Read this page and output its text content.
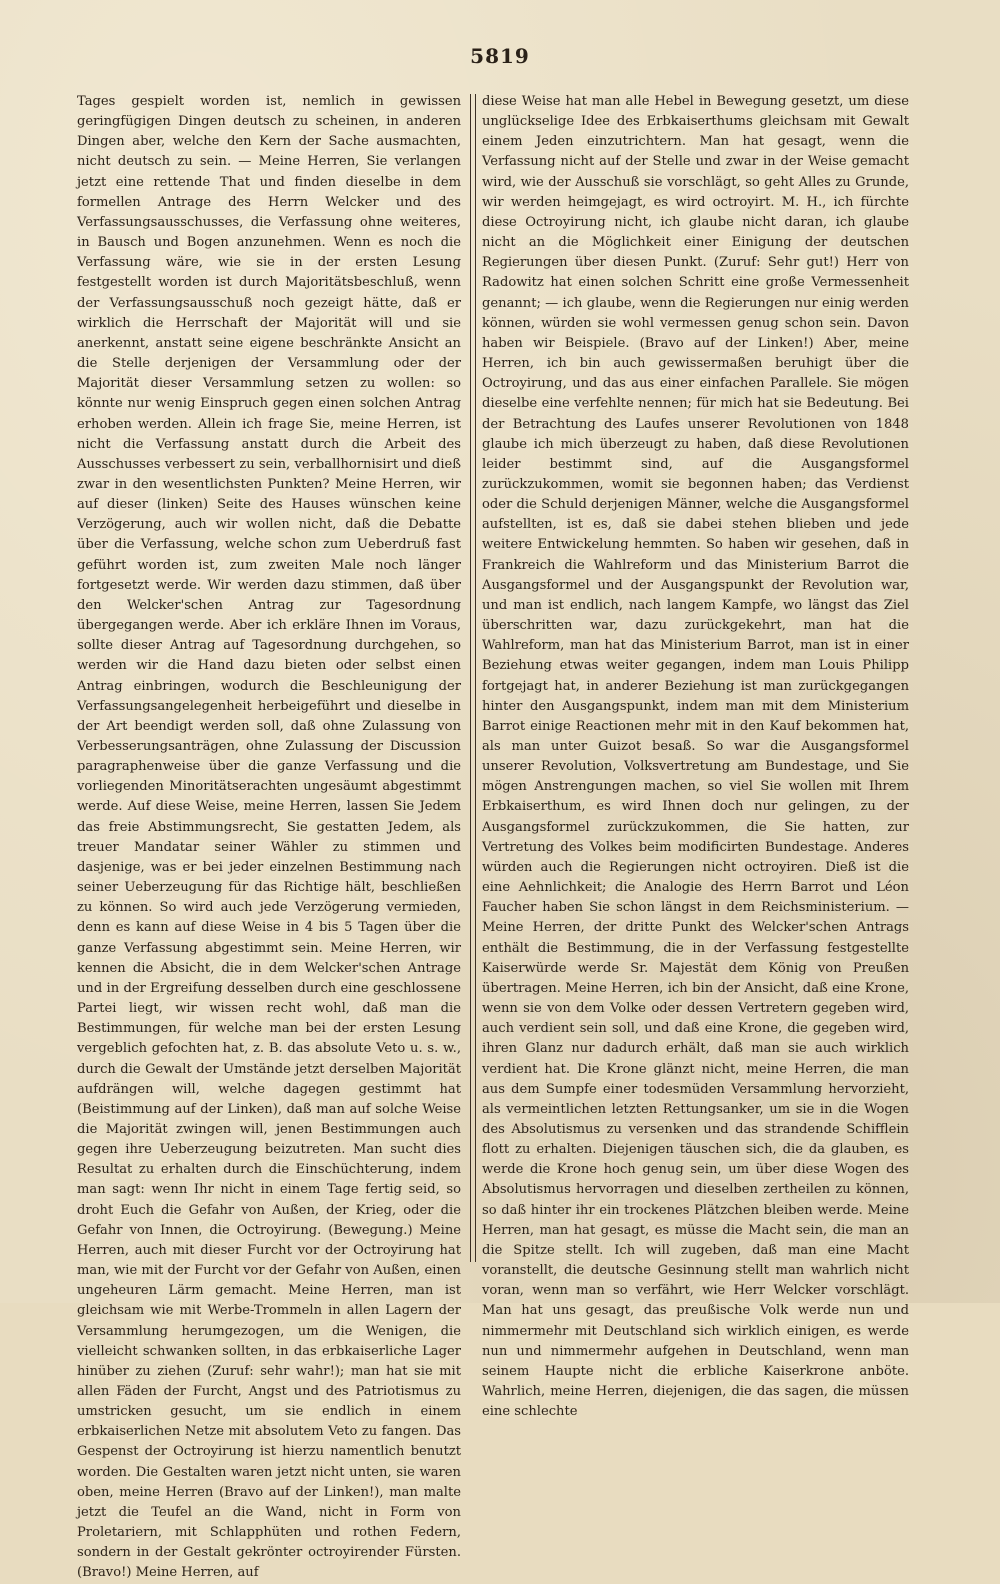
5819
Tages gespielt worden ist, nemlich in gewissen geringfügigen Dingen deutsch zu scheinen, in anderen Dingen aber, welche den Kern der Sache ausmachten, nicht deutsch zu sein. — Meine Herren, Sie verlangen jetzt eine rettende That und finden dieselbe in dem formellen Antrage des Herrn Welcker und des Verfassungsausschusses, die Verfassung ohne weiteres, in Bausch und Bogen anzunehmen. Wenn es noch die Verfassung wäre, wie sie in der ersten Lesung festgestellt worden ist durch Majoritätsbeschluß, wenn der Verfassungsausschuß noch gezeigt hätte, daß er wirklich die Herrschaft der Majorität will und sie anerkennt, anstatt seine eigene beschränkte Ansicht an die Stelle derjenigen der Versammlung oder der Majorität dieser Versammlung setzen zu wollen: so könnte nur wenig Einspruch gegen einen solchen Antrag erhoben werden. Allein ich frage Sie, meine Herren, ist nicht die Verfassung anstatt durch die Arbeit des Ausschusses verbessert zu sein, verballhornisirt und dieß zwar in den wesentlichsten Punkten? Meine Herren, wir auf dieser (linken) Seite des Hauses wünschen keine Verzögerung, auch wir wollen nicht, daß die Debatte über die Verfassung, welche schon zum Ueberdruß fast geführt worden ist, zum zweiten Male noch länger fortgesetzt werde. Wir werden dazu stimmen, daß über den Welcker'schen Antrag zur Tagesordnung übergegangen werde. Aber ich erkläre Ihnen im Voraus, sollte dieser Antrag auf Tagesordnung durchgehen, so werden wir die Hand dazu bieten oder selbst einen Antrag einbringen, wodurch die Beschleunigung der Verfassungsangelegenheit herbeigeführt und dieselbe in der Art beendigt werden soll, daß ohne Zulassung von Verbesserungsanträgen, ohne Zulassung der Discussion paragraphenweise über die ganze Verfassung und die vorliegenden Minoritätserachten ungesäumt abgestimmt werde. Auf diese Weise, meine Herren, lassen Sie Jedem das freie Abstimmungsrecht, Sie gestatten Jedem, als treuer Mandatar seiner Wähler zu stimmen und dasjenige, was er bei jeder einzelnen Bestimmung nach seiner Ueberzeugung für das Richtige hält, beschließen zu können. So wird auch jede Verzögerung vermieden, denn es kann auf diese Weise in 4 bis 5 Tagen über die ganze Verfassung abgestimmt sein. Meine Herren, wir kennen die Absicht, die in dem Welcker'schen Antrage und in der Ergreifung desselben durch eine geschlossene Partei liegt, wir wissen recht wohl, daß man die Bestimmungen, für welche man bei der ersten Lesung vergeblich gefochten hat, z. B. das absolute Veto u. s. w., durch die Gewalt der Umstände jetzt derselben Majorität aufdrängen will, welche dagegen gestimmt hat (Beistimmung auf der Linken), daß man auf solche Weise die Majorität zwingen will, jenen Bestimmungen auch gegen ihre Ueberzeugung beizutreten. Man sucht dies Resultat zu erhalten durch die Einschüchterung, indem man sagt: wenn Ihr nicht in einem Tage fertig seid, so droht Euch die Gefahr von Außen, der Krieg, oder die Gefahr von Innen, die Octroyirung. (Bewegung.) Meine Herren, auch mit dieser Furcht vor der Octroyirung hat man, wie mit der Furcht vor der Gefahr von Außen, einen ungeheuren Lärm gemacht. Meine Herren, man ist gleichsam wie mit Werbe-Trommeln in allen Lagern der Versammlung herumgezogen, um die Wenigen, die vielleicht schwanken sollten, in das erbkaiserliche Lager hinüber zu ziehen (Zuruf: sehr wahr!); man hat sie mit allen Fäden der Furcht, Angst und des Patriotismus zu umstricken gesucht, um sie endlich in einem erbkaiserlichen Netze mit absolutem Veto zu fangen. Das Gespenst der Octroyirung ist hierzu namentlich benutzt worden. Die Gestalten waren jetzt nicht unten, sie waren oben, meine Herren (Bravo auf der Linken!), man malte jetzt die Teufel an die Wand, nicht in Form von Proletariern, mit Schlapphüten und rothen Federn, sondern in der Gestalt gekrönter octroyirender Fürsten. (Bravo!) Meine Herren, auf
diese Weise hat man alle Hebel in Bewegung gesetzt, um diese unglückselige Idee des Erbkaiserthums gleichsam mit Gewalt einem Jeden einzutrichtern. Man hat gesagt, wenn die Verfassung nicht auf der Stelle und zwar in der Weise gemacht wird, wie der Ausschuß sie vorschlägt, so geht Alles zu Grunde, wir werden heimgejagt, es wird octroyirt. M. H., ich fürchte diese Octroyirung nicht, ich glaube nicht daran, ich glaube nicht an die Möglichkeit einer Einigung der deutschen Regierungen über diesen Punkt. (Zuruf: Sehr gut!) Herr von Radowitz hat einen solchen Schritt eine große Vermessenheit genannt; — ich glaube, wenn die Regierungen nur einig werden können, würden sie wohl vermessen genug schon sein. Davon haben wir Beispiele. (Bravo auf der Linken!) Aber, meine Herren, ich bin auch gewissermaßen beruhigt über die Octroyirung, und das aus einer einfachen Parallele. Sie mögen dieselbe eine verfehlte nennen; für mich hat sie Bedeutung. Bei der Betrachtung des Laufes unserer Revolutionen von 1848 glaube ich mich überzeugt zu haben, daß diese Revolutionen leider bestimmt sind, auf die Ausgangsformel zurückzukommen, womit sie begonnen haben; das Verdienst oder die Schuld derjenigen Männer, welche die Ausgangsformel aufstellten, ist es, daß sie dabei stehen blieben und jede weitere Entwickelung hemmten. So haben wir gesehen, daß in Frankreich die Wahlreform und das Ministerium Barrot die Ausgangsformel und der Ausgangspunkt der Revolution war, und man ist endlich, nach langem Kampfe, wo längst das Ziel überschritten war, dazu zurückgekehrt, man hat die Wahlreform, man hat das Ministerium Barrot, man ist in einer Beziehung etwas weiter gegangen, indem man Louis Philipp fortgejagt hat, in anderer Beziehung ist man zurückgegangen hinter den Ausgangspunkt, indem man mit dem Ministerium Barrot einige Reactionen mehr mit in den Kauf bekommen hat, als man unter Guizot besaß. So war die Ausgangsformel unserer Revolution, Volksvertretung am Bundestage, und Sie mögen Anstrengungen machen, so viel Sie wollen mit Ihrem Erbkaiserthum, es wird Ihnen doch nur gelingen, zu der Ausgangsformel zurückzukommen, die Sie hatten, zur Vertretung des Volkes beim modificirten Bundestage. Anderes würden auch die Regierungen nicht octroyiren. Dieß ist die eine Aehnlichkeit; die Analogie des Herrn Barrot und Léon Faucher haben Sie schon längst in dem Reichsministerium. — Meine Herren, der dritte Punkt des Welcker'schen Antrags enthält die Bestimmung, die in der Verfassung festgestellte Kaiserwürde werde Sr. Majestät dem König von Preußen übertragen. Meine Herren, ich bin der Ansicht, daß eine Krone, wenn sie von dem Volke oder dessen Vertretern gegeben wird, auch verdient sein soll, und daß eine Krone, die gegeben wird, ihren Glanz nur dadurch erhält, daß man sie auch wirklich verdient hat. Die Krone glänzt nicht, meine Herren, die man aus dem Sumpfe einer todesmüden Versammlung hervorzieht, als vermeintlichen letzten Rettungsanker, um sie in die Wogen des Absolutismus zu versenken und das strandende Schifflein flott zu erhalten. Diejenigen täuschen sich, die da glauben, es werde die Krone hoch genug sein, um über diese Wogen des Absolutismus hervorragen und dieselben zertheilen zu können, so daß hinter ihr ein trockenes Plätzchen bleiben werde. Meine Herren, man hat gesagt, es müsse die Macht sein, die man an die Spitze stellt. Ich will zugeben, daß man eine Macht voranstellt, die deutsche Gesinnung stellt man wahrlich nicht voran, wenn man so verfährt, wie Herr Welcker vorschlägt. Man hat uns gesagt, das preußische Volk werde nun und nimmermehr mit Deutschland sich wirklich einigen, es werde nun und nimmermehr aufgehen in Deutschland, wenn man seinem Haupte nicht die erbliche Kaiserkrone anböte. Wahrlich, meine Herren, diejenigen, die das sagen, die müssen eine schlechte
